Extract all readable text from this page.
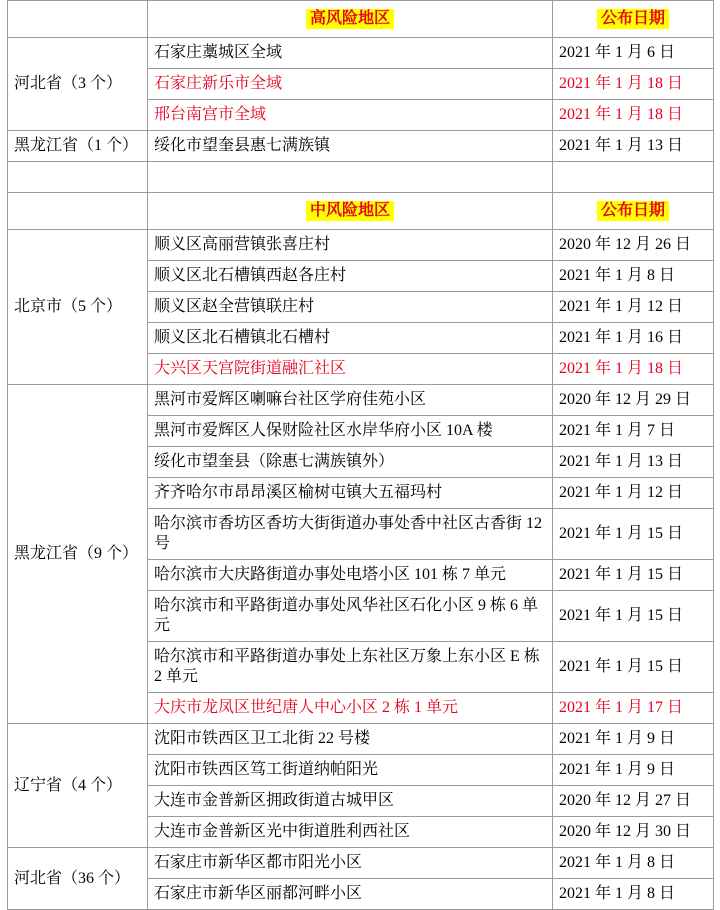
	高风险地区	公布日期
河北省（3 个）	石家庄藁城区全域	2021 年 1 月 6 日
	石家庄新乐市全域	2021 年 1 月 18 日
	邢台南宫市全域	2021 年 1 月 18 日
黑龙江省（1 个）	绥化市望奎县惠七满族镇	2021 年 1 月 13 日

	中风险地区	公布日期
北京市（5 个）	顺义区高丽营镇张喜庄村	2020 年 12 月 26 日
	顺义区北石槽镇西赵各庄村	2021 年 1 月 8 日
	顺义区赵全营镇联庄村	2021 年 1 月 12 日
	顺义区北石槽镇北石槽村	2021 年 1 月 16 日
	大兴区天宫院街道融汇社区	2021 年 1 月 18 日
黑龙江省（9 个）	黑河市爱辉区喇嘛台社区学府佳苑小区	2020 年 12 月 29 日
	黑河市爱辉区人保财险社区水岸华府小区 10A 楼	2021 年 1 月 7 日
	绥化市望奎县（除惠七满族镇外）	2021 年 1 月 13 日
	齐齐哈尔市昂昂溪区榆树屯镇大五福玛村	2021 年 1 月 12 日
	哈尔滨市香坊区香坊大街街道办事处香中社区古香街 12 号	2021 年 1 月 15 日
	哈尔滨市大庆路街道办事处电塔小区 101 栋 7 单元	2021 年 1 月 15 日
	哈尔滨市和平路街道办事处风华社区石化小区 9 栋 6 单元	2021 年 1 月 15 日
	哈尔滨市和平路街道办事处上东社区万象上东小区 E 栋 2 单元	2021 年 1 月 15 日
	大庆市龙凤区世纪唐人中心小区 2 栋 1 单元	2021 年 1 月 17 日
辽宁省（4 个）	沈阳市铁西区卫工北街 22 号楼	2021 年 1 月 9 日
	沈阳市铁西区笃工街道纳帕阳光	2021 年 1 月 9 日
	大连市金普新区拥政街道古城甲区	2020 年 12 月 27 日
	大连市金普新区光中街道胜利西社区	2020 年 12 月 30 日
河北省（36 个）	石家庄市新华区都市阳光小区	2021 年 1 月 8 日
	石家庄市新华区丽都河畔小区	2021 年 1 月 8 日
